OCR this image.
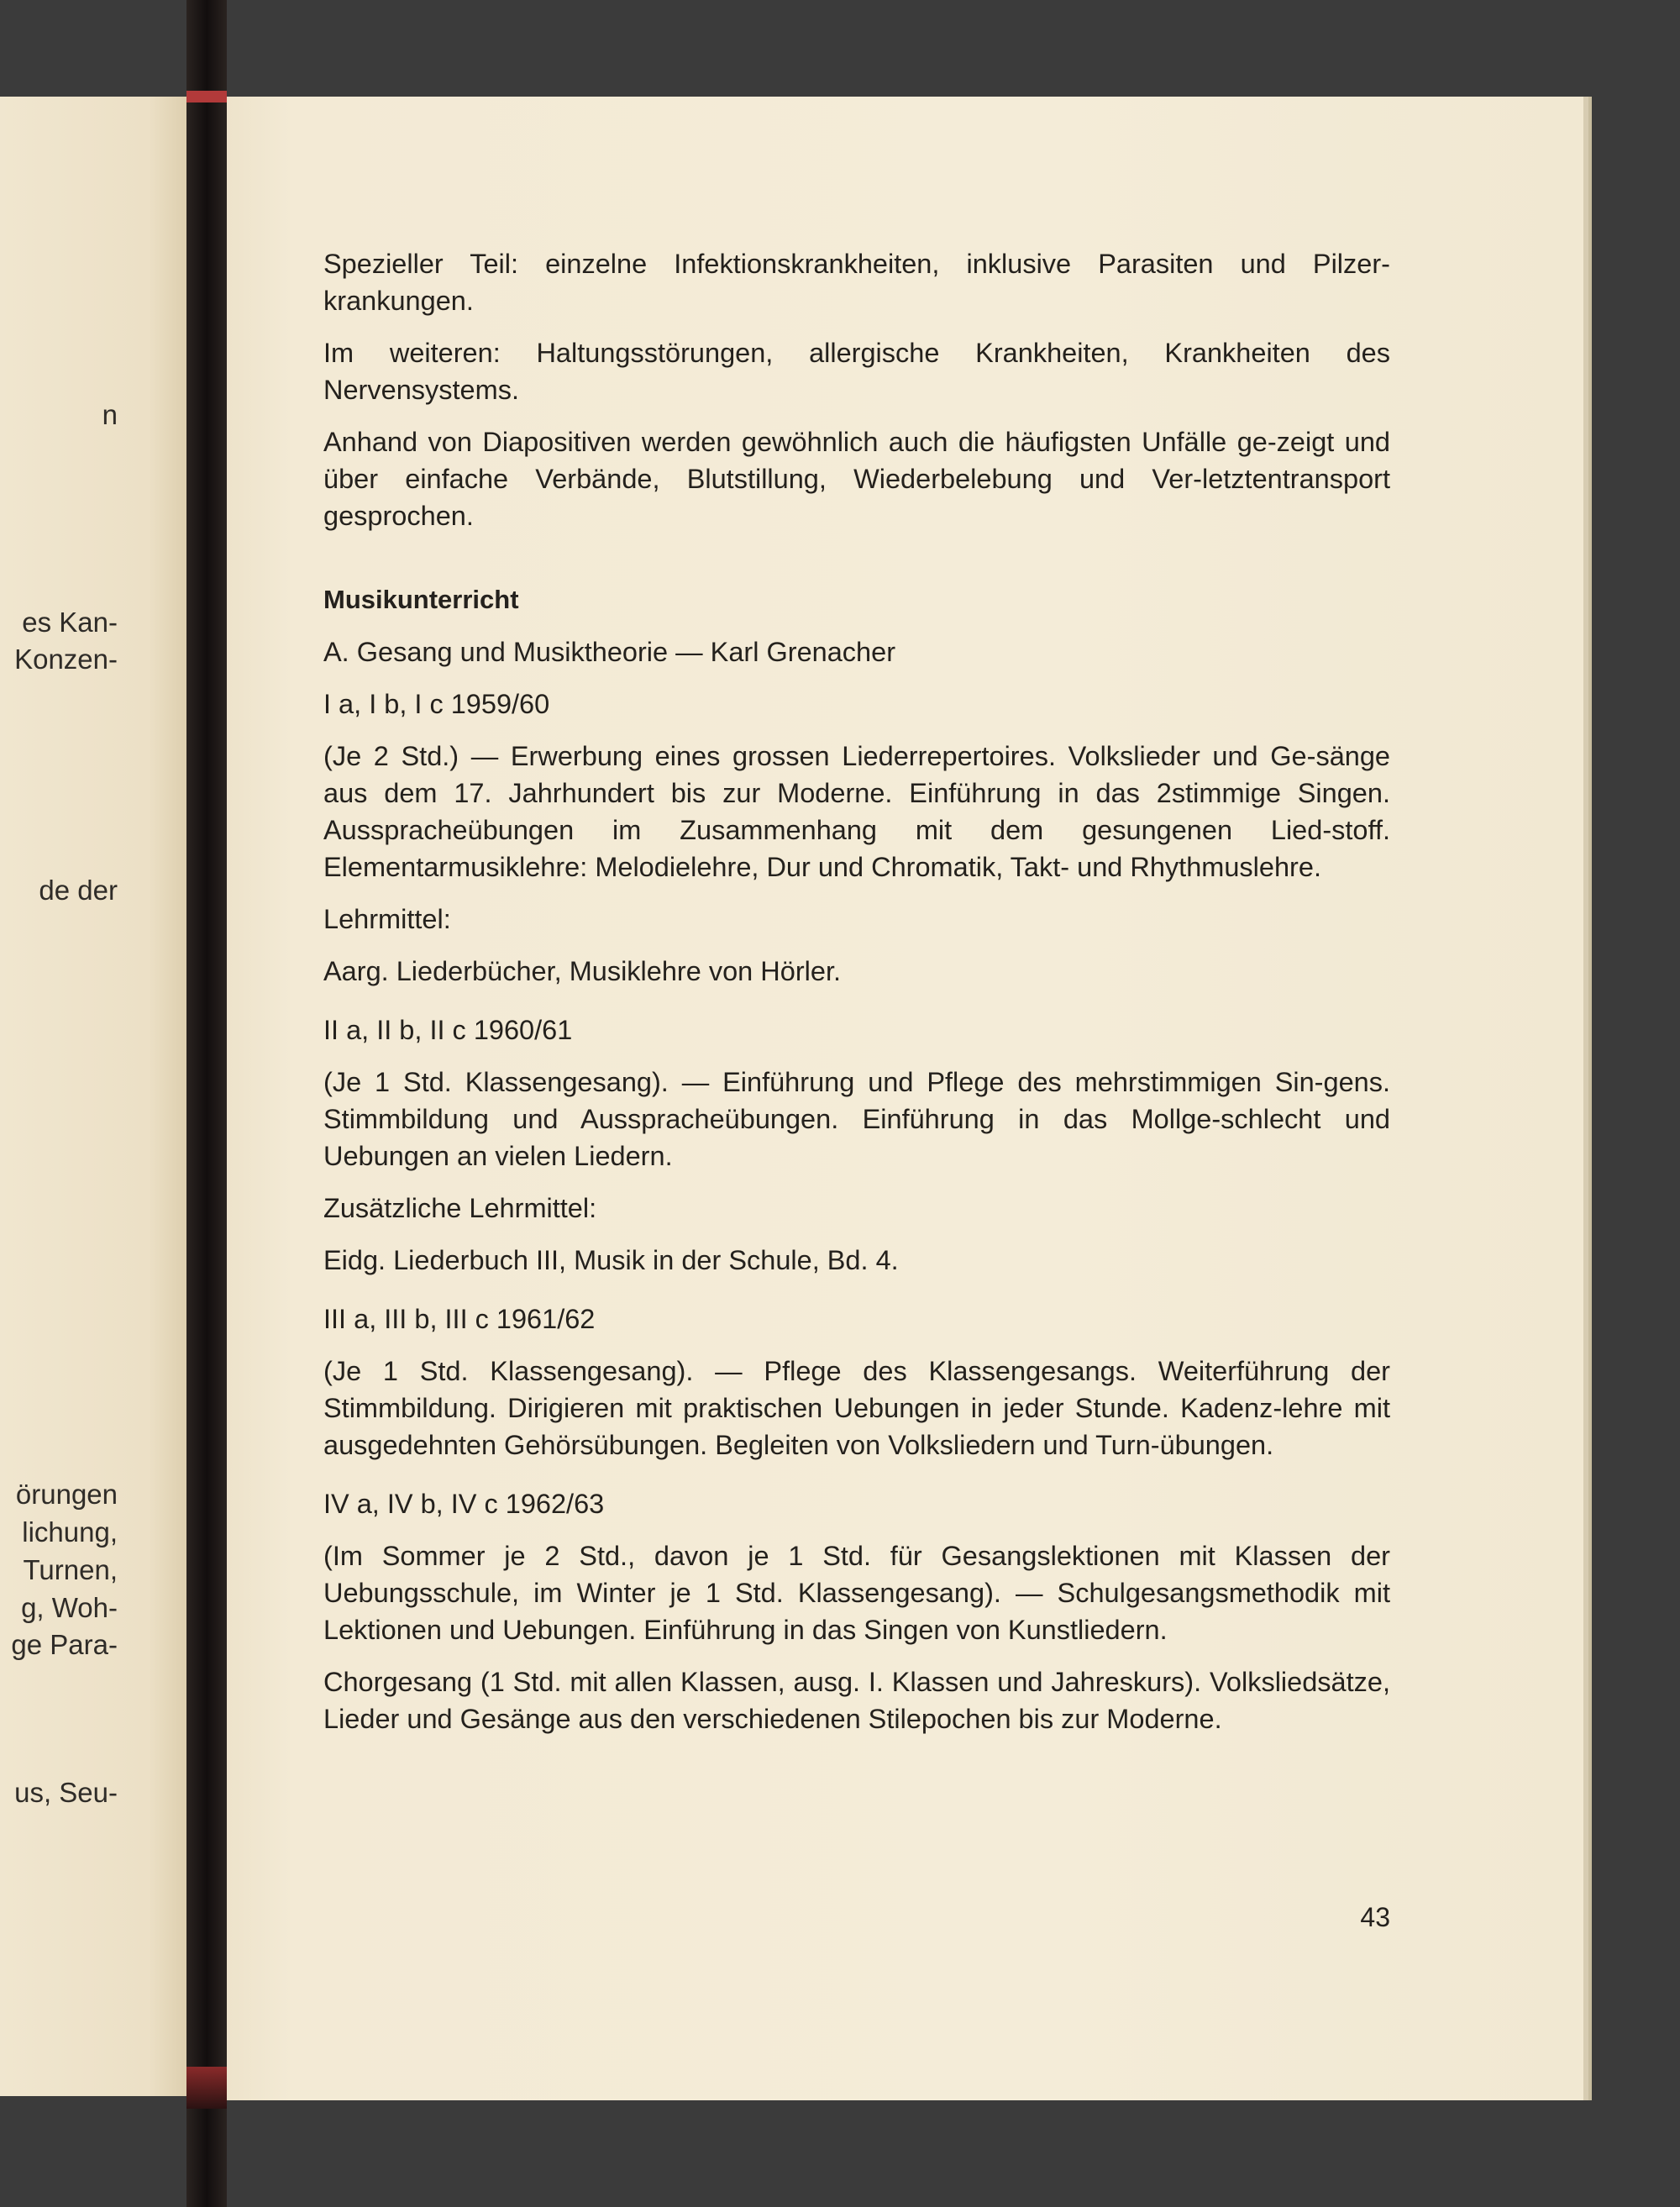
n
es Kan-
Konzen-
de der
örungen
lichung,
Turnen,
g, Woh-
ge Para-
us, Seu-

Spezieller Teil: einzelne Infektionskrankheiten, inklusive Parasiten und Pilzer-krankungen.

Im weiteren: Haltungsstörungen, allergische Krankheiten, Krankheiten des Nervensystems.

Anhand von Diapositiven werden gewöhnlich auch die häufigsten Unfälle ge-zeigt und über einfache Verbände, Blutstillung, Wiederbelebung und Ver-letztentransport gesprochen.

Musikunterricht

A. Gesang und Musiktheorie — Karl Grenacher

I a, I b, I c 1959/60

(Je 2 Std.) — Erwerbung eines grossen Liederrepertoires. Volkslieder und Ge-sänge aus dem 17. Jahrhundert bis zur Moderne. Einführung in das 2stimmige Singen. Ausspracheübungen im Zusammenhang mit dem gesungenen Lied-stoff. Elementarmusiklehre: Melodielehre, Dur und Chromatik, Takt- und Rhythmuslehre.

Lehrmittel:

Aarg. Liederbücher, Musiklehre von Hörler.

II a, II b, II c 1960/61

(Je 1 Std. Klassengesang). — Einführung und Pflege des mehrstimmigen Sin-gens. Stimmbildung und Ausspracheübungen. Einführung in das Mollge-schlecht und Uebungen an vielen Liedern.

Zusätzliche Lehrmittel:

Eidg. Liederbuch III, Musik in der Schule, Bd. 4.

III a, III b, III c 1961/62

(Je 1 Std. Klassengesang). — Pflege des Klassengesangs. Weiterführung der Stimmbildung. Dirigieren mit praktischen Uebungen in jeder Stunde. Kadenz-lehre mit ausgedehnten Gehörsübungen. Begleiten von Volksliedern und Turn-übungen.

IV a, IV b, IV c 1962/63

(Im Sommer je 2 Std., davon je 1 Std. für Gesangslektionen mit Klassen der Uebungsschule, im Winter je 1 Std. Klassengesang). — Schulgesangsmethodik mit Lektionen und Uebungen. Einführung in das Singen von Kunstliedern.

Chorgesang (1 Std. mit allen Klassen, ausg. I. Klassen und Jahreskurs). Volksliedsätze, Lieder und Gesänge aus den verschiedenen Stilepochen bis zur Moderne.

43
